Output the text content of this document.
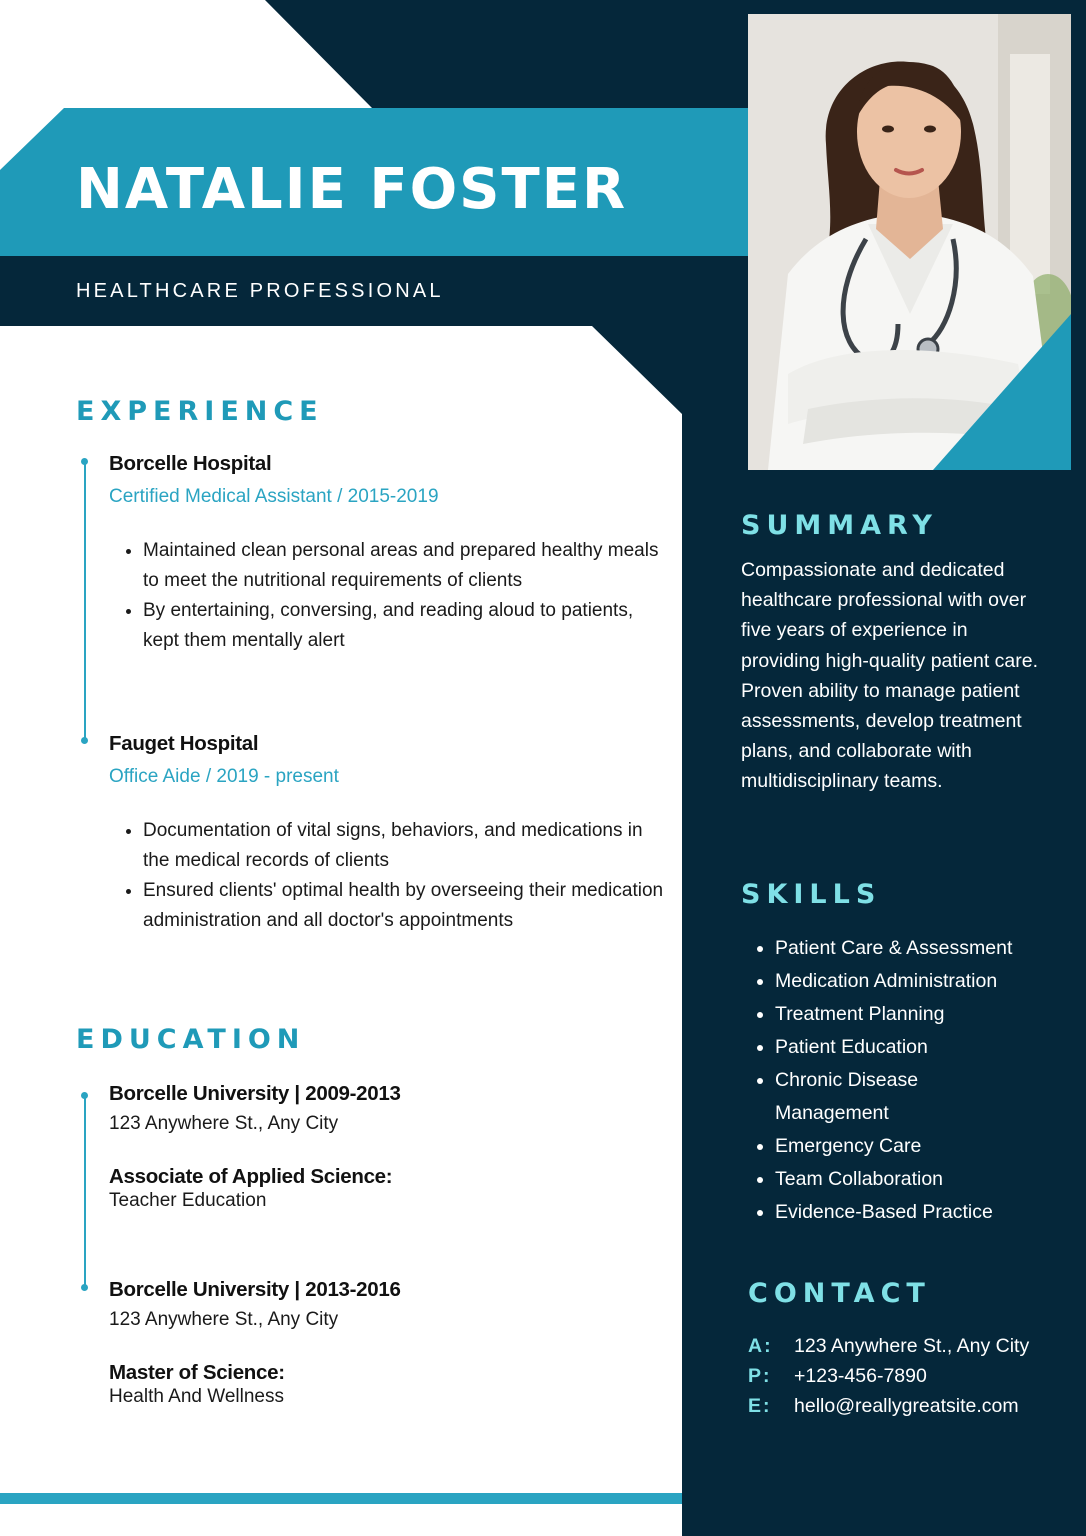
NATALIE FOSTER
HEALTHCARE PROFESSIONAL
EXPERIENCE
Borcelle Hospital
Certified Medical Assistant / 2015-2019
• Maintained clean personal areas and prepared healthy meals to meet the nutritional requirements of clients
• By entertaining, conversing, and reading aloud to patients, kept them mentally alert
Fauget Hospital
Office Aide / 2019 - present
• Documentation of vital signs, behaviors, and medications in the medical records of clients
• Ensured clients' optimal health by overseeing their medication administration and all doctor's appointments
EDUCATION
Borcelle University | 2009-2013
123 Anywhere St., Any City
Associate of Applied Science:
Teacher Education
Borcelle University | 2013-2016
123 Anywhere St., Any City
Master of Science:
Health And Wellness
SUMMARY
Compassionate and dedicated healthcare professional with over five years of experience in providing high-quality patient care. Proven ability to manage patient assessments, develop treatment plans, and collaborate with multidisciplinary teams.
SKILLS
• Patient Care & Assessment
• Medication Administration
• Treatment Planning
• Patient Education
• Chronic Disease Management
• Emergency Care
• Team Collaboration
• Evidence-Based Practice
CONTACT
A:	123 Anywhere St., Any City
P:	+123-456-7890
E:	hello@reallygreatsite.com
